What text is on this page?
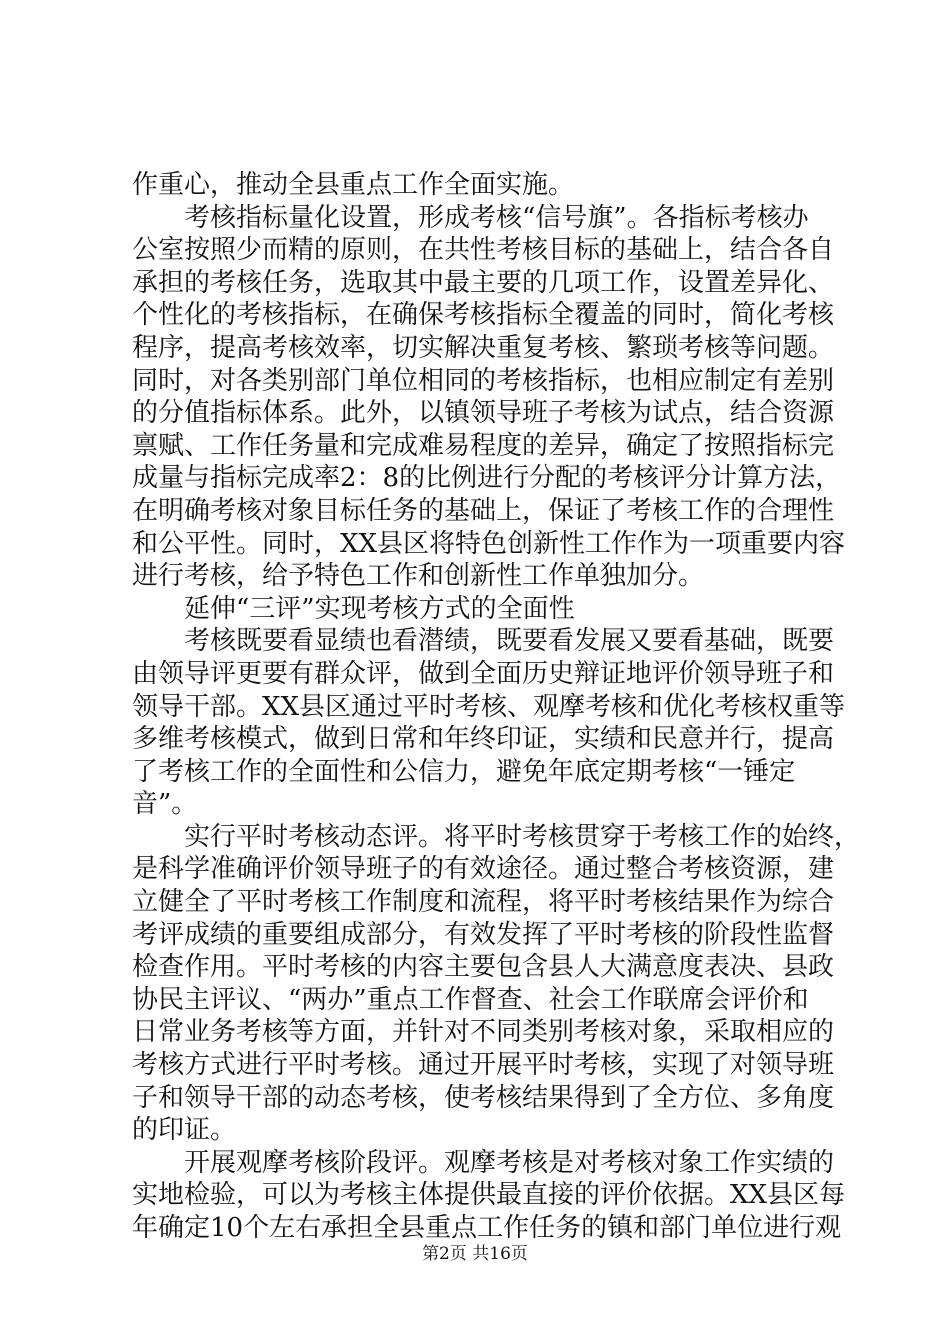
作重心，推动全县重点工作全面实施。
　　考核指标量化设置，形成考核“信号旗”。各指标考核办
公室按照少而精的原则，在共性考核目标的基础上，结合各自
承担的考核任务，选取其中最主要的几项工作，设置差异化、
个性化的考核指标，在确保考核指标全覆盖的同时，简化考核
程序，提高考核效率，切实解决重复考核、繁琐考核等问题。
同时，对各类别部门单位相同的考核指标，也相应制定有差别
的分值指标体系。此外，以镇领导班子考核为试点，结合资源
禀赋、工作任务量和完成难易程度的差异，确定了按照指标完
成量与指标完成率2：8的比例进行分配的考核评分计算方法，
在明确考核对象目标任务的基础上，保证了考核工作的合理性
和公平性。同时，XX县区将特色创新性工作作为一项重要内容
进行考核，给予特色工作和创新性工作单独加分。
　　延伸“三评”实现考核方式的全面性
　　考核既要看显绩也看潜绩，既要看发展又要看基础，既要
由领导评更要有群众评，做到全面历史辩证地评价领导班子和
领导干部。XX县区通过平时考核、观摩考核和优化考核权重等
多维考核模式，做到日常和年终印证，实绩和民意并行，提高
了考核工作的全面性和公信力，避免年底定期考核“一锤定
音”。
　　实行平时考核动态评。将平时考核贯穿于考核工作的始终，
是科学准确评价领导班子的有效途径。通过整合考核资源，建
立健全了平时考核工作制度和流程，将平时考核结果作为综合
考评成绩的重要组成部分，有效发挥了平时考核的阶段性监督
检查作用。平时考核的内容主要包含县人大满意度表决、县政
协民主评议、“两办”重点工作督查、社会工作联席会评价和
日常业务考核等方面，并针对不同类别考核对象，采取相应的
考核方式进行平时考核。通过开展平时考核，实现了对领导班
子和领导干部的动态考核，使考核结果得到了全方位、多角度
的印证。
　　开展观摩考核阶段评。观摩考核是对考核对象工作实绩的
实地检验，可以为考核主体提供最直接的评价依据。XX县区每
年确定10个左右承担全县重点工作任务的镇和部门单位进行观
第2页 共16页
